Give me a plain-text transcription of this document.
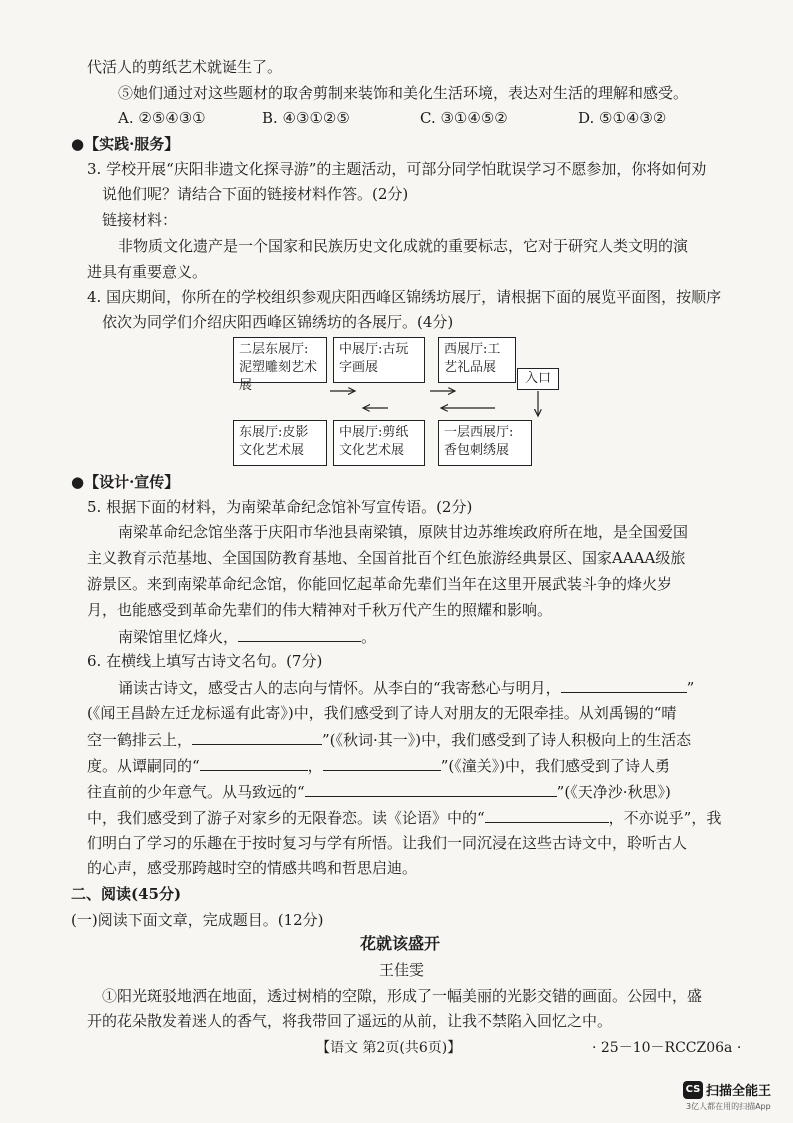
代活人的剪纸艺术就诞生了。
⑤她们通过对这些题材的取舍剪制来装饰和美化生活环境，表达对生活的理解和感受。
A. ②⑤④③①	B. ④③①②⑤	C. ③①④⑤②	D. ⑤①④③②
●【实践·服务】
3. 学校开展“庆阳非遗文化探寻游”的主题活动，可部分同学怕耽误学习不愿参加，你将如何劝
说他们呢？请结合下面的链接材料作答。(2分)
链接材料：
非物质文化遗产是一个国家和民族历史文化成就的重要标志，它对于研究人类文明的演
进具有重要意义。
4. 国庆期间，你所在的学校组织参观庆阳西峰区锦绣坊展厅，请根据下面的展览平面图，按顺序
依次为同学们介绍庆阳西峰区锦绣坊的各展厅。(4分)
二层东展厅:泥塑雕刻艺术展
中展厅:古玩字画展
西展厅:工艺礼品展
入口
东展厅:皮影文化艺术展
中展厅:剪纸文化艺术展
一层西展厅:香包刺绣展
●【设计·宣传】
5. 根据下面的材料，为南梁革命纪念馆补写宣传语。(2分)
南梁革命纪念馆坐落于庆阳市华池县南梁镇，原陕甘边苏维埃政府所在地，是全国爱国
主义教育示范基地、全国国防教育基地、全国首批百个红色旅游经典景区、国家AAAA级旅
游景区。来到南梁革命纪念馆，你能回忆起革命先辈们当年在这里开展武装斗争的烽火岁
月，也能感受到革命先辈们的伟大精神对千秋万代产生的照耀和影响。
南梁馆里忆烽火，	。
6. 在横线上填写古诗文名句。(7分)
诵读古诗文，感受古人的志向与情怀。从李白的“我寄愁心与明月，	”
(《闻王昌龄左迁龙标遥有此寄》)中，我们感受到了诗人对朋友的无限牵挂。从刘禹锡的“晴
空一鹤排云上，	”(《秋词·其一》)中，我们感受到了诗人积极向上的生活态
度。从谭嗣同的“	，	”(《潼关》)中，我们感受到了诗人勇
往直前的少年意气。从马致远的“	”(《天净沙·秋思》)
中，我们感受到了游子对家乡的无限眷恋。读《论语》中的“	，不亦说乎”，我
们明白了学习的乐趣在于按时复习与学有所悟。让我们一同沉浸在这些古诗文中，聆听古人
的心声，感受那跨越时空的情感共鸣和哲思启迪。
二、阅读(45分)
(一)阅读下面文章，完成题目。(12分)
花就该盛开
王佳雯
①阳光斑驳地洒在地面，透过树梢的空隙，形成了一幅美丽的光影交错的画面。公园中，盛
开的花朵散发着迷人的香气，将我带回了遥远的从前，让我不禁陷入回忆之中。
【语文 第2页(共6页)】	· 25－10－RCCZ06a ·
CS 扫描全能王
3亿人都在用的扫描App
